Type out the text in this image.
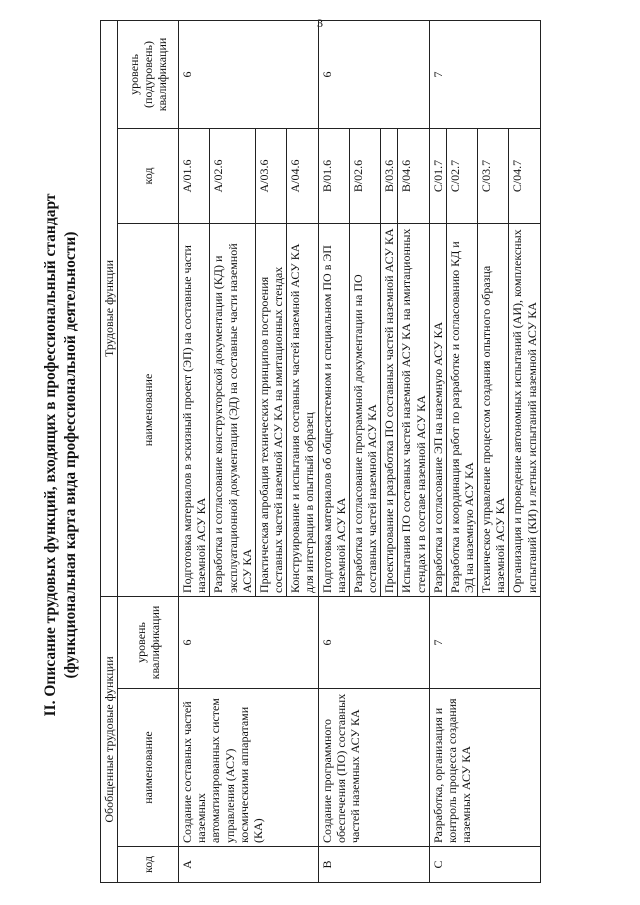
3
II. Описание трудовых функций, входящих в профессиональный стандарт (функциональная карта вида профессиональной деятельности)
Обобщенные трудовые функции			Трудовые функции		
код	наименование	уровень квалификации	наименование	код	уровень (подуровень) квалификации
A	Создание составных частей наземных автоматизированных систем управления (АСУ) космическими аппаратами (КА)	6	Подготовка материалов в эскизный проект (ЭП) на составные части наземной АСУ КА	A/01.6	6
			Разработка и согласование конструкторской документации (КД) и эксплуатационной документации (ЭД) на составные части наземной АСУ КА	A/02.6	
			Практическая апробация технических принципов построения составных частей наземной АСУ КА на имитационных стендах	A/03.6	
			Конструирование и испытания составных частей наземной АСУ КА для интеграции в опытный образец	A/04.6	
B	Создание программного обеспечения (ПО) составных частей наземных АСУ КА	6	Подготовка материалов об общесистемном и специальном ПО в ЭП наземной АСУ КА	B/01.6	6
			Разработка и согласование программной документации на ПО составных частей наземной АСУ КА	B/02.6	
			Проектирование и разработка ПО составных частей наземной АСУ КА	B/03.6	
			Испытания ПО составных частей наземной АСУ КА на имитационных стендах и в составе наземной АСУ КА	B/04.6	
C	Разработка, организация и контроль процесса создания наземных АСУ КА	7	Разработка и согласование ЭП на наземную АСУ КА	C/01.7	7
			Разработка и координация работ по разработке и согласованию КД и ЭД на наземную АСУ КА	C/02.7	
			Техническое управление процессом создания опытного образца наземной АСУ КА	C/03.7	
			Организация и проведение автономных испытаний (АИ), комплексных испытаний (КИ) и летных испытаний наземной АСУ КА	C/04.7	
